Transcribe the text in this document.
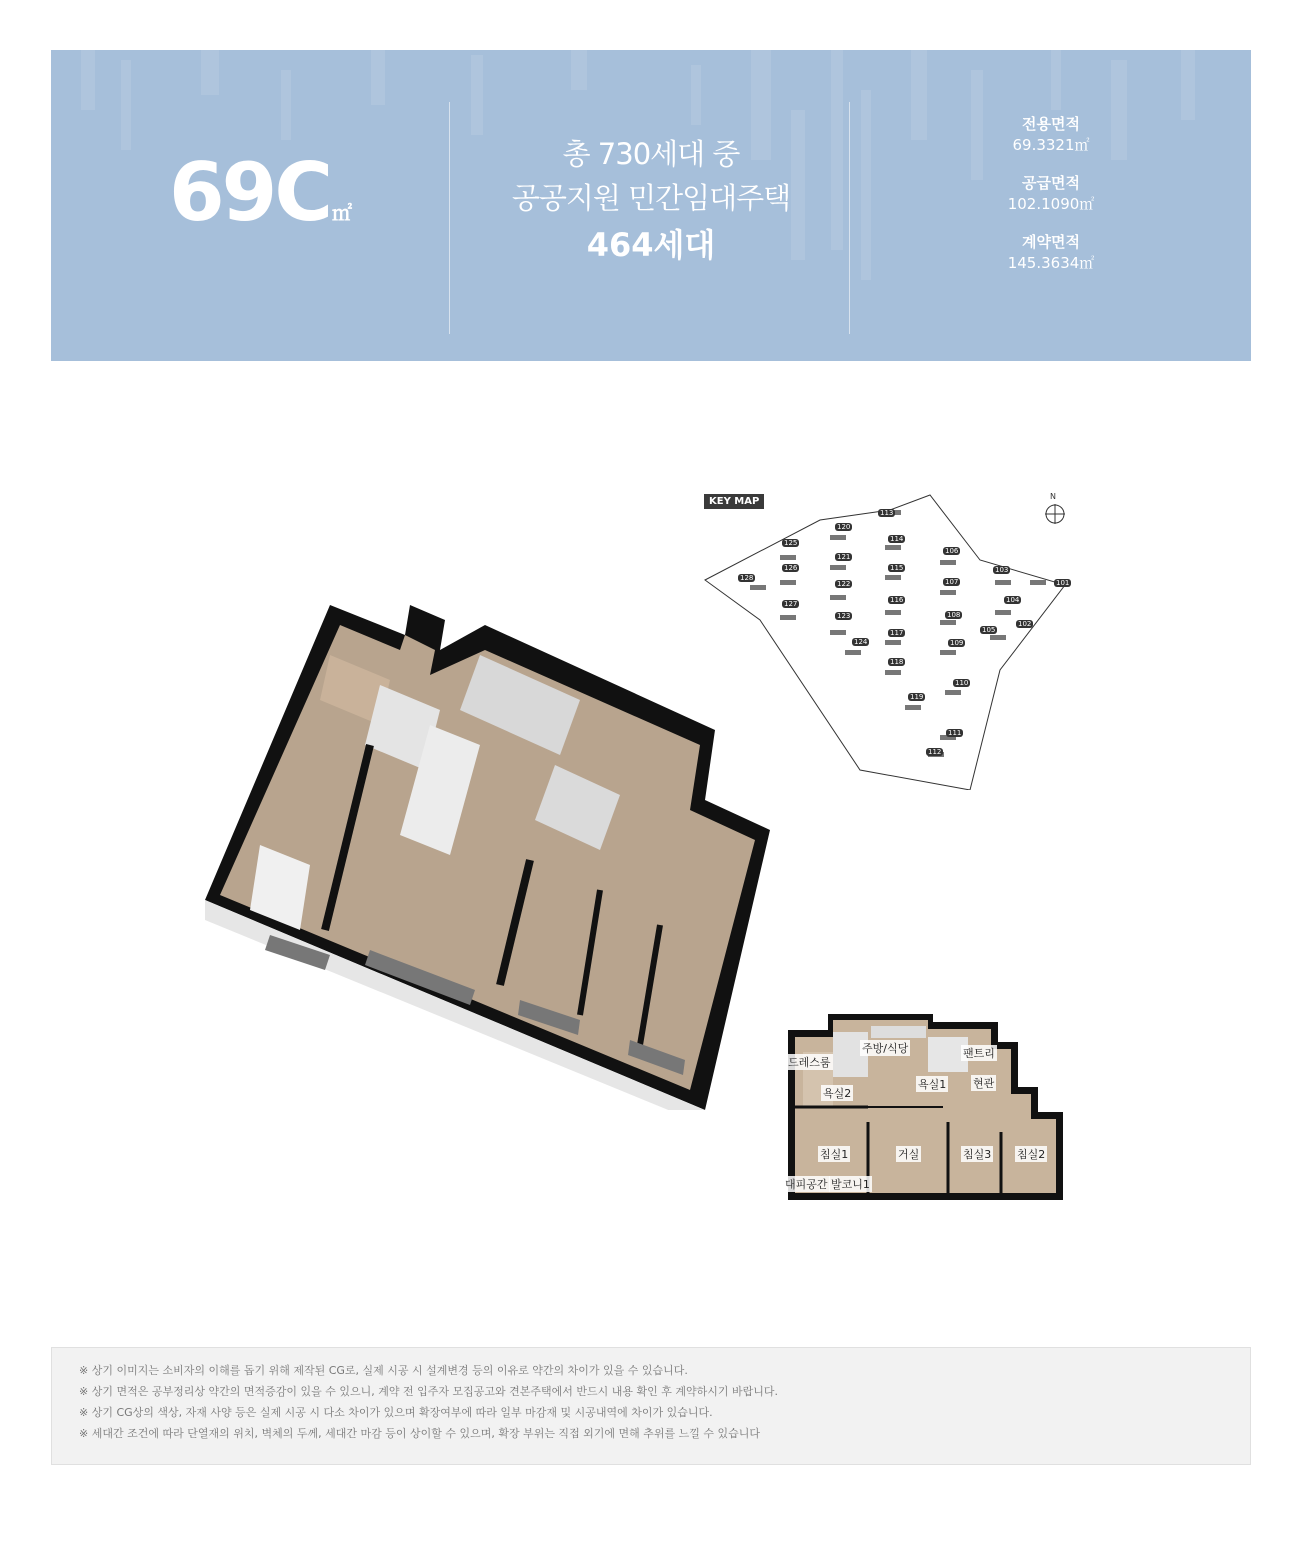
69C ㎡
총 730세대 중
공공지원 민간임대주택
464세대
전용면적
69.3321㎡
공급면적
102.1090㎡
계약면적
145.3634㎡
KEY MAP	N
101
102
103
104
105
106
107
108
109
110
111
112
113
114
115
116
117
118
119
120
121
122
123
124
125
126
127
128
드레스룸
주방/식당	팬트리
욕실2
욕실1 현관
침실1	거실	침실3 침실2
대피공간 발코니1
※ 상기 이미지는 소비자의 이해를 돕기 위해 제작된 CG로, 실제 시공 시 설계변경 등의 이유로 약간의 차이가 있을 수 있습니다.
※ 상기 면적은 공부정리상 약간의 면적증감이 있을 수 있으니, 계약 전 입주자 모집공고와 견본주택에서 반드시 내용 확인 후 계약하시기 바랍니다.
※ 상기 CG상의 색상, 자재 사양 등은 실제 시공 시 다소 차이가 있으며 확장여부에 따라 일부 마감재 및 시공내역에 차이가 있습니다.
※ 세대간 조건에 따라 단열재의 위치, 벽체의 두께, 세대간 마감 등이 상이할 수 있으며, 확장 부위는 직접 외기에 면해 추위를 느낄 수 있습니다
